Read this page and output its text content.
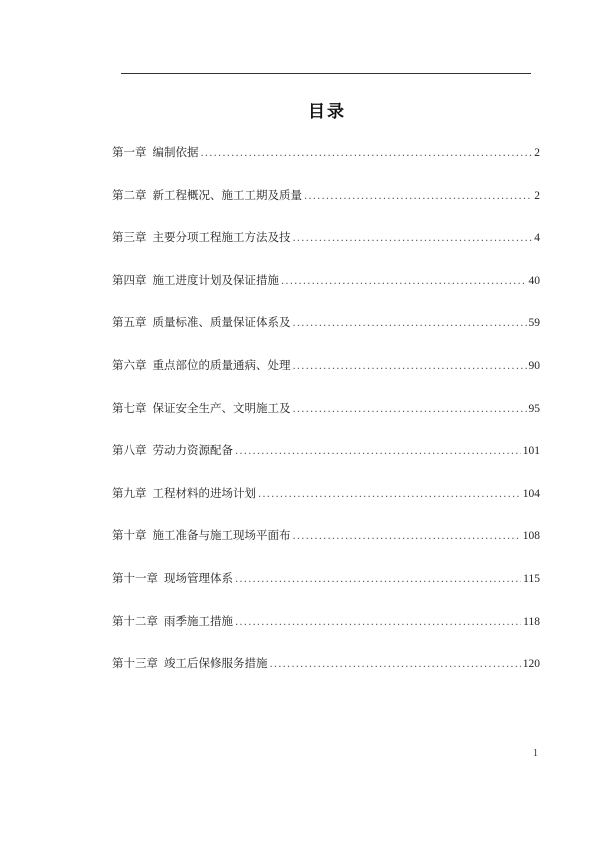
目录
第一章 编制依据 .....	2
第二章 新工程概况、施工工期及质量 .....	2
第三章 主要分项工程施工方法及技 .....	4
第四章 施工进度计划及保证措施 .....	40
第五章 质量标准、质量保证体系及 .....	59
第六章 重点部位的质量通病、处理 .....	90
第七章 保证安全生产、文明施工及 .....	95
第八章 劳动力资源配备 .....	101
第九章 工程材料的进场计划 .....	104
第十章 施工准备与施工现场平面布 .....	108
第十一章 现场管理体系 .....	115
第十二章 雨季施工措施 .....	118
第十三章 竣工后保修服务措施 .....	120
1
